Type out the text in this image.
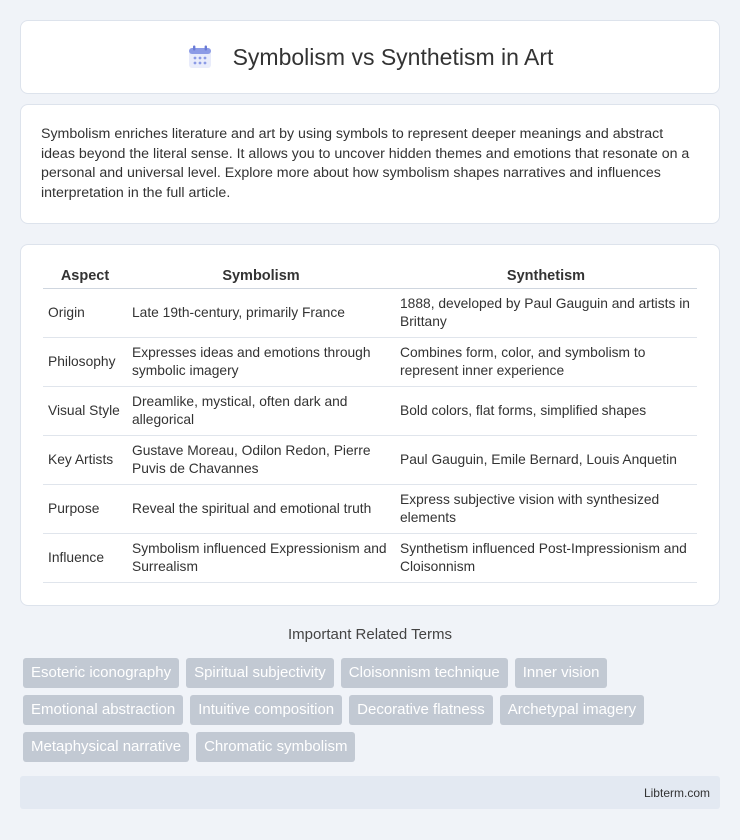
Symbolism vs Synthetism in Art

Symbolism enriches literature and art by using symbols to represent deeper meanings and abstract ideas beyond the literal sense. It allows you to uncover hidden themes and emotions that resonate on a personal and universal level. Explore more about how symbolism shapes narratives and influences interpretation in the full article.

Aspect	Symbolism	Synthetism
Origin	Late 19th-century, primarily France	1888, developed by Paul Gauguin and artists in Brittany
Philosophy	Expresses ideas and emotions through symbolic imagery	Combines form, color, and symbolism to represent inner experience
Visual Style	Dreamlike, mystical, often dark and allegorical	Bold colors, flat forms, simplified shapes
Key Artists	Gustave Moreau, Odilon Redon, Pierre Puvis de Chavannes	Paul Gauguin, Emile Bernard, Louis Anquetin
Purpose	Reveal the spiritual and emotional truth	Express subjective vision with synthesized elements
Influence	Symbolism influenced Expressionism and Surrealism	Synthetism influenced Post-Impressionism and Cloisonnism
Important Related Terms
Esoteric iconography	Spiritual subjectivity	Cloisonnism technique	Inner vision
Emotional abstraction	Intuitive composition	Decorative flatness	Archetypal imagery
Metaphysical narrative	Chromatic symbolism
Libterm.com
